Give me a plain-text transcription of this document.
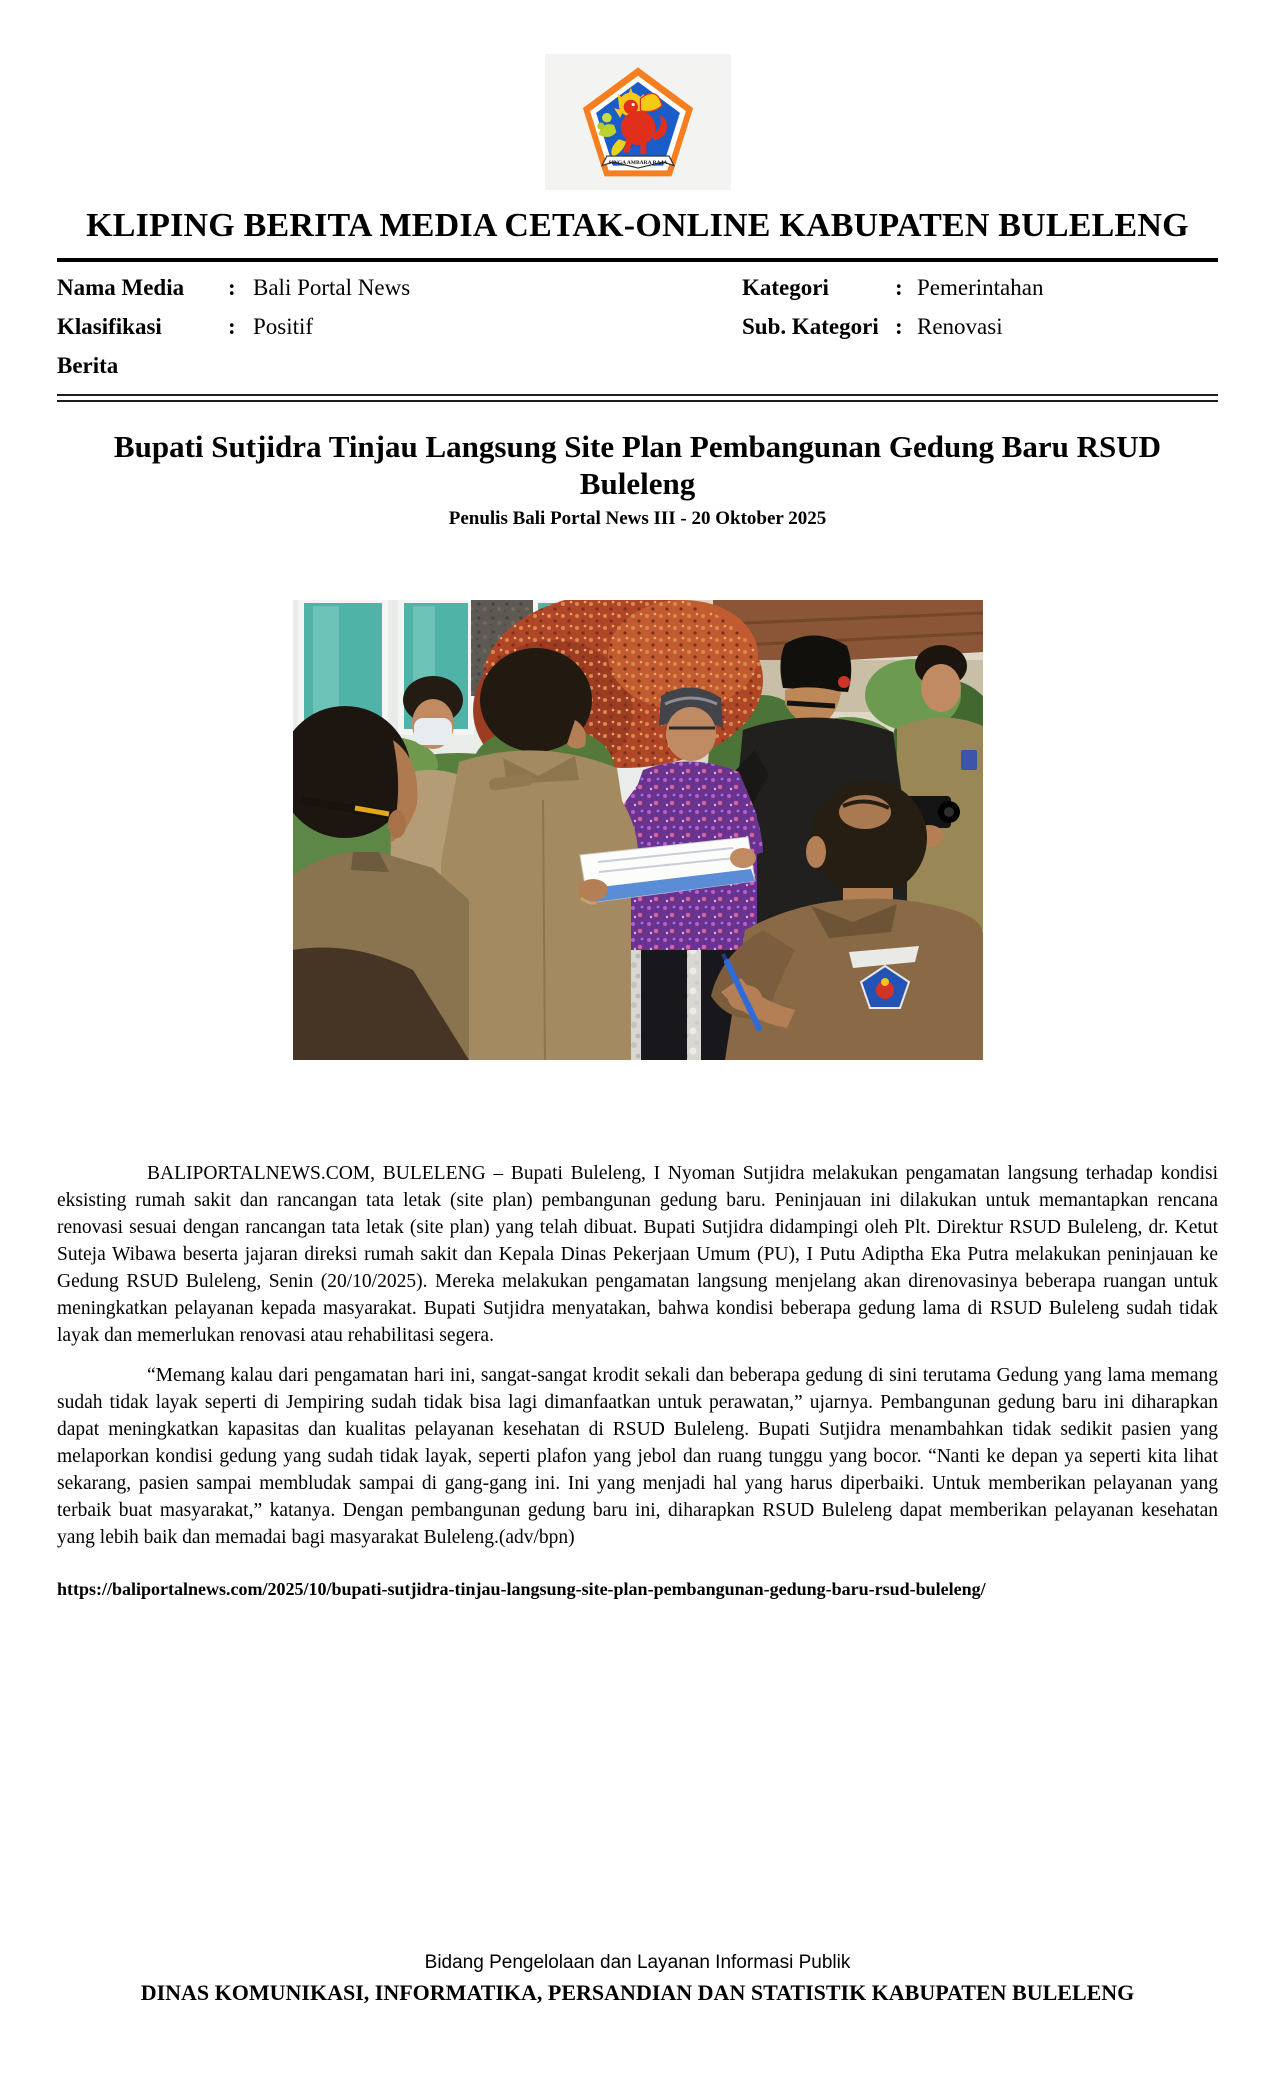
SINGA AMBARA RAJA
KLIPING BERITA MEDIA CETAK-ONLINE KABUPATEN BULELENG
Nama Media	: Bali Portal News	Kategori	: Pemerintahan
Klasifikasi Berita
: Positif	Sub. Kategori : Renovasi
Bupati Sutjidra Tinjau Langsung Site Plan Pembangunan Gedung Baru RSUD Buleleng
Penulis Bali Portal News III - 20 Oktober 2025

BALIPORTALNEWS.COM, BULELENG – Bupati Buleleng, I Nyoman Sutjidra melakukan pengamatan langsung terhadap kondisi eksisting rumah sakit dan rancangan tata letak (site plan) pembangunan gedung baru. Peninjauan ini dilakukan untuk memantapkan rencana renovasi sesuai dengan rancangan tata letak (site plan) yang telah dibuat. Bupati Sutjidra didampingi oleh Plt. Direktur RSUD Buleleng, dr. Ketut Suteja Wibawa beserta jajaran direksi rumah sakit dan Kepala Dinas Pekerjaan Umum (PU), I Putu Adiptha Eka Putra melakukan peninjauan ke Gedung RSUD Buleleng, Senin (20/10/2025). Mereka melakukan pengamatan langsung menjelang akan direnovasinya beberapa ruangan untuk meningkatkan pelayanan kepada masyarakat. Bupati Sutjidra menyatakan, bahwa kondisi beberapa gedung lama di RSUD Buleleng sudah tidak layak dan memerlukan renovasi atau rehabilitasi segera.

“Memang kalau dari pengamatan hari ini, sangat-sangat krodit sekali dan beberapa gedung di sini terutama Gedung yang lama memang sudah tidak layak seperti di Jempiring sudah tidak bisa lagi dimanfaatkan untuk perawatan,” ujarnya. Pembangunan gedung baru ini diharapkan dapat meningkatkan kapasitas dan kualitas pelayanan kesehatan di RSUD Buleleng. Bupati Sutjidra menambahkan tidak sedikit pasien yang melaporkan kondisi gedung yang sudah tidak layak, seperti plafon yang jebol dan ruang tunggu yang bocor. “Nanti ke depan ya seperti kita lihat sekarang, pasien sampai membludak sampai di gang-gang ini. Ini yang menjadi hal yang harus diperbaiki. Untuk memberikan pelayanan yang terbaik buat masyarakat,” katanya. Dengan pembangunan gedung baru ini, diharapkan RSUD Buleleng dapat memberikan pelayanan kesehatan yang lebih baik dan memadai bagi masyarakat Buleleng.(adv/bpn)

https://baliportalnews.com/2025/10/bupati-sutjidra-tinjau-langsung-site-plan-pembangunan-gedung-baru-rsud-buleleng/
Bidang Pengelolaan dan Layanan Informasi Publik
DINAS KOMUNIKASI, INFORMATIKA, PERSANDIAN DAN STATISTIK KABUPATEN BULELENG
